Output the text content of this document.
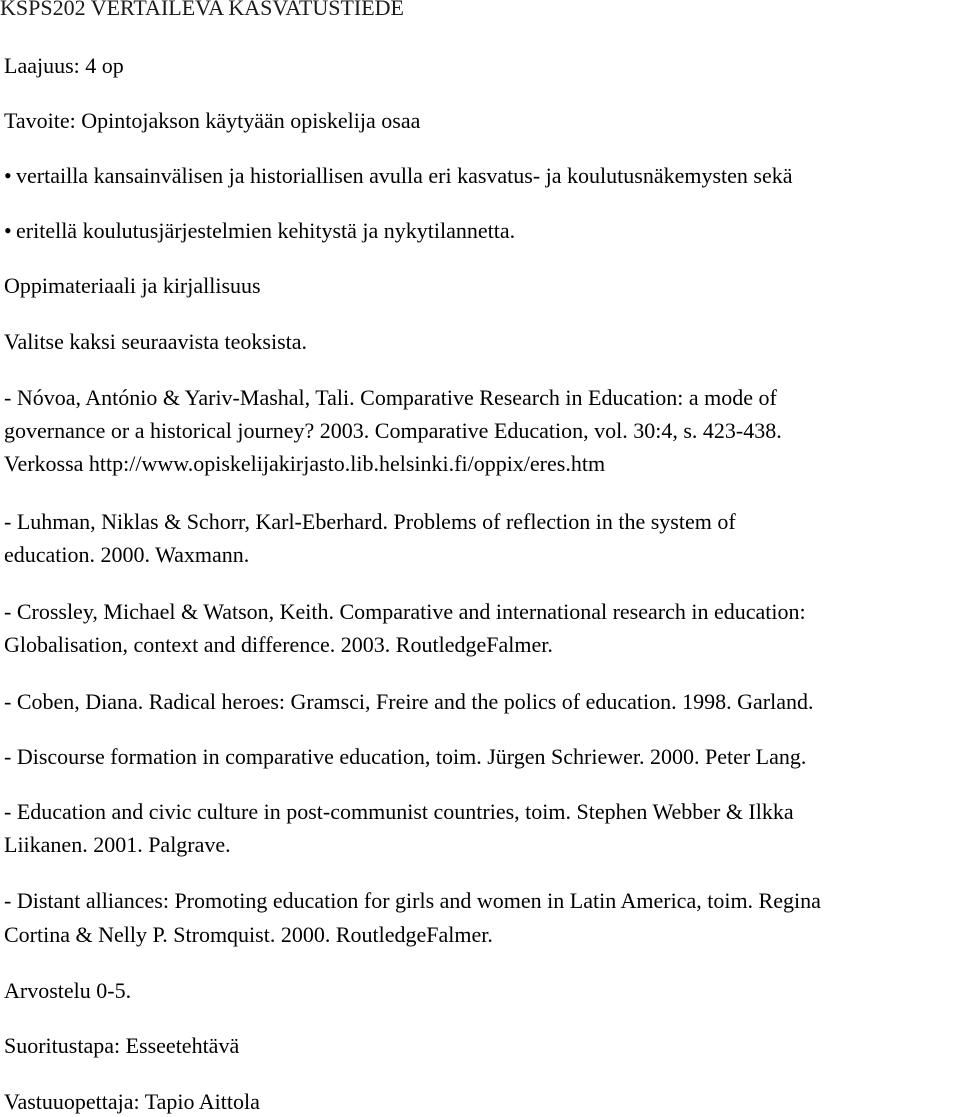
KSPS202 VERTAILEVA KASVATUSTIEDE

Laajuus: 4 op

Tavoite: Opintojakson käytyään opiskelija osaa

• vertailla kansainvälisen ja historiallisen avulla eri kasvatus- ja koulutusnäkemysten sekä

• eritellä koulutusjärjestelmien kehitystä ja nykytilannetta.

Oppimateriaali ja kirjallisuus

Valitse kaksi seuraavista teoksista.

- Nóvoa, António & Yariv-Mashal, Tali. Comparative Research in Education: a mode of

governance or a historical journey? 2003. Comparative Education, vol. 30:4, s. 423-438.

Verkossa http://www.opiskelijakirjasto.lib.helsinki.fi/oppix/eres.htm

- Luhman, Niklas & Schorr, Karl-Eberhard. Problems of reflection in the system of

education. 2000. Waxmann.

- Crossley, Michael & Watson, Keith. Comparative and international research in education:

Globalisation, context and difference. 2003. RoutledgeFalmer.

- Coben, Diana. Radical heroes: Gramsci, Freire and the polics of education. 1998. Garland.

- Discourse formation in comparative education, toim. Jürgen Schriewer. 2000. Peter Lang.

- Education and civic culture in post-communist countries, toim. Stephen Webber & Ilkka

Liikanen. 2001. Palgrave.

- Distant alliances: Promoting education for girls and women in Latin America, toim. Regina

Cortina & Nelly P. Stromquist. 2000. RoutledgeFalmer.

Arvostelu 0-5.

Suoritustapa: Esseetehtävä

Vastuuopettaja: Tapio Aittola
